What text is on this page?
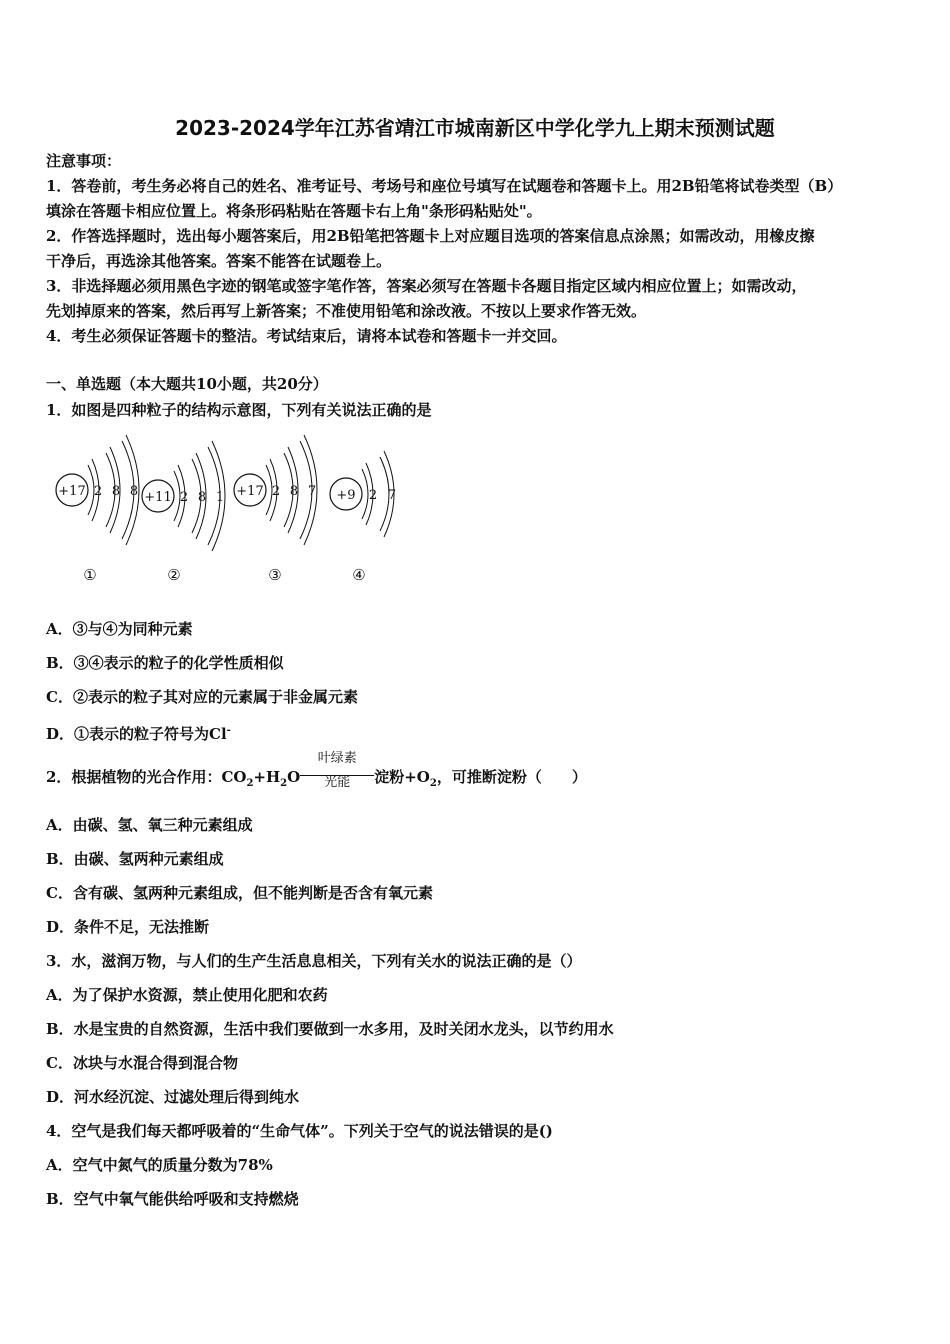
2023-2024学年江苏省靖江市城南新区中学化学九上期末预测试题
注意事项：
1．答卷前，考生务必将自己的姓名、准考证号、考场号和座位号填写在试题卷和答题卡上。用2B铅笔将试卷类型（B）
填涂在答题卡相应位置上。将条形码粘贴在答题卡右上角"条形码粘贴处"。
2．作答选择题时，选出每小题答案后，用2B铅笔把答题卡上对应题目选项的答案信息点涂黑；如需改动，用橡皮擦
干净后，再选涂其他答案。答案不能答在试题卷上。
3．非选择题必须用黑色字迹的钢笔或签字笔作答，答案必须写在答题卡各题目指定区域内相应位置上；如需改动，
先划掉原来的答案，然后再写上新答案；不准使用铅笔和涂改液。不按以上要求作答无效。
4．考生必须保证答题卡的整洁。考试结束后，请将本试卷和答题卡一并交回。
一、单选题（本大题共10小题，共20分）
1．如图是四种粒子的结构示意图，下列有关说法正确的是
+17 2 8 8
①
+11 2 8 1
②
+17 2 8 7
③
+9 2 7
④
A．③与④为同种元素
B．③④表示的粒子的化学性质相似
C．②表示的粒子其对应的元素属于非金属元素
D．①表示的粒子符号为Cl-
2．根据植物的光合作用：$CO_2+H_2O$
叶绿素
光能	淀粉$+O_2$，可推断淀粉（　　）
A．由碳、氢、氧三种元素组成
B．由碳、氢两种元素组成
C．含有碳、氢两种元素组成，但不能判断是否含有氧元素
D．条件不足，无法推断
3．水，滋润万物，与人们的生产生活息息相关，下列有关水的说法正确的是（）
A．为了保护水资源，禁止使用化肥和农药
B．水是宝贵的自然资源，生活中我们要做到一水多用，及时关闭水龙头，以节约用水
C．冰块与水混合得到混合物
D．河水经沉淀、过滤处理后得到纯水
4．空气是我们每天都呼吸着的“生命气体”。下列关于空气的说法错误的是()
A．空气中氮气的质量分数为78%
B．空气中氧气能供给呼吸和支持燃烧
